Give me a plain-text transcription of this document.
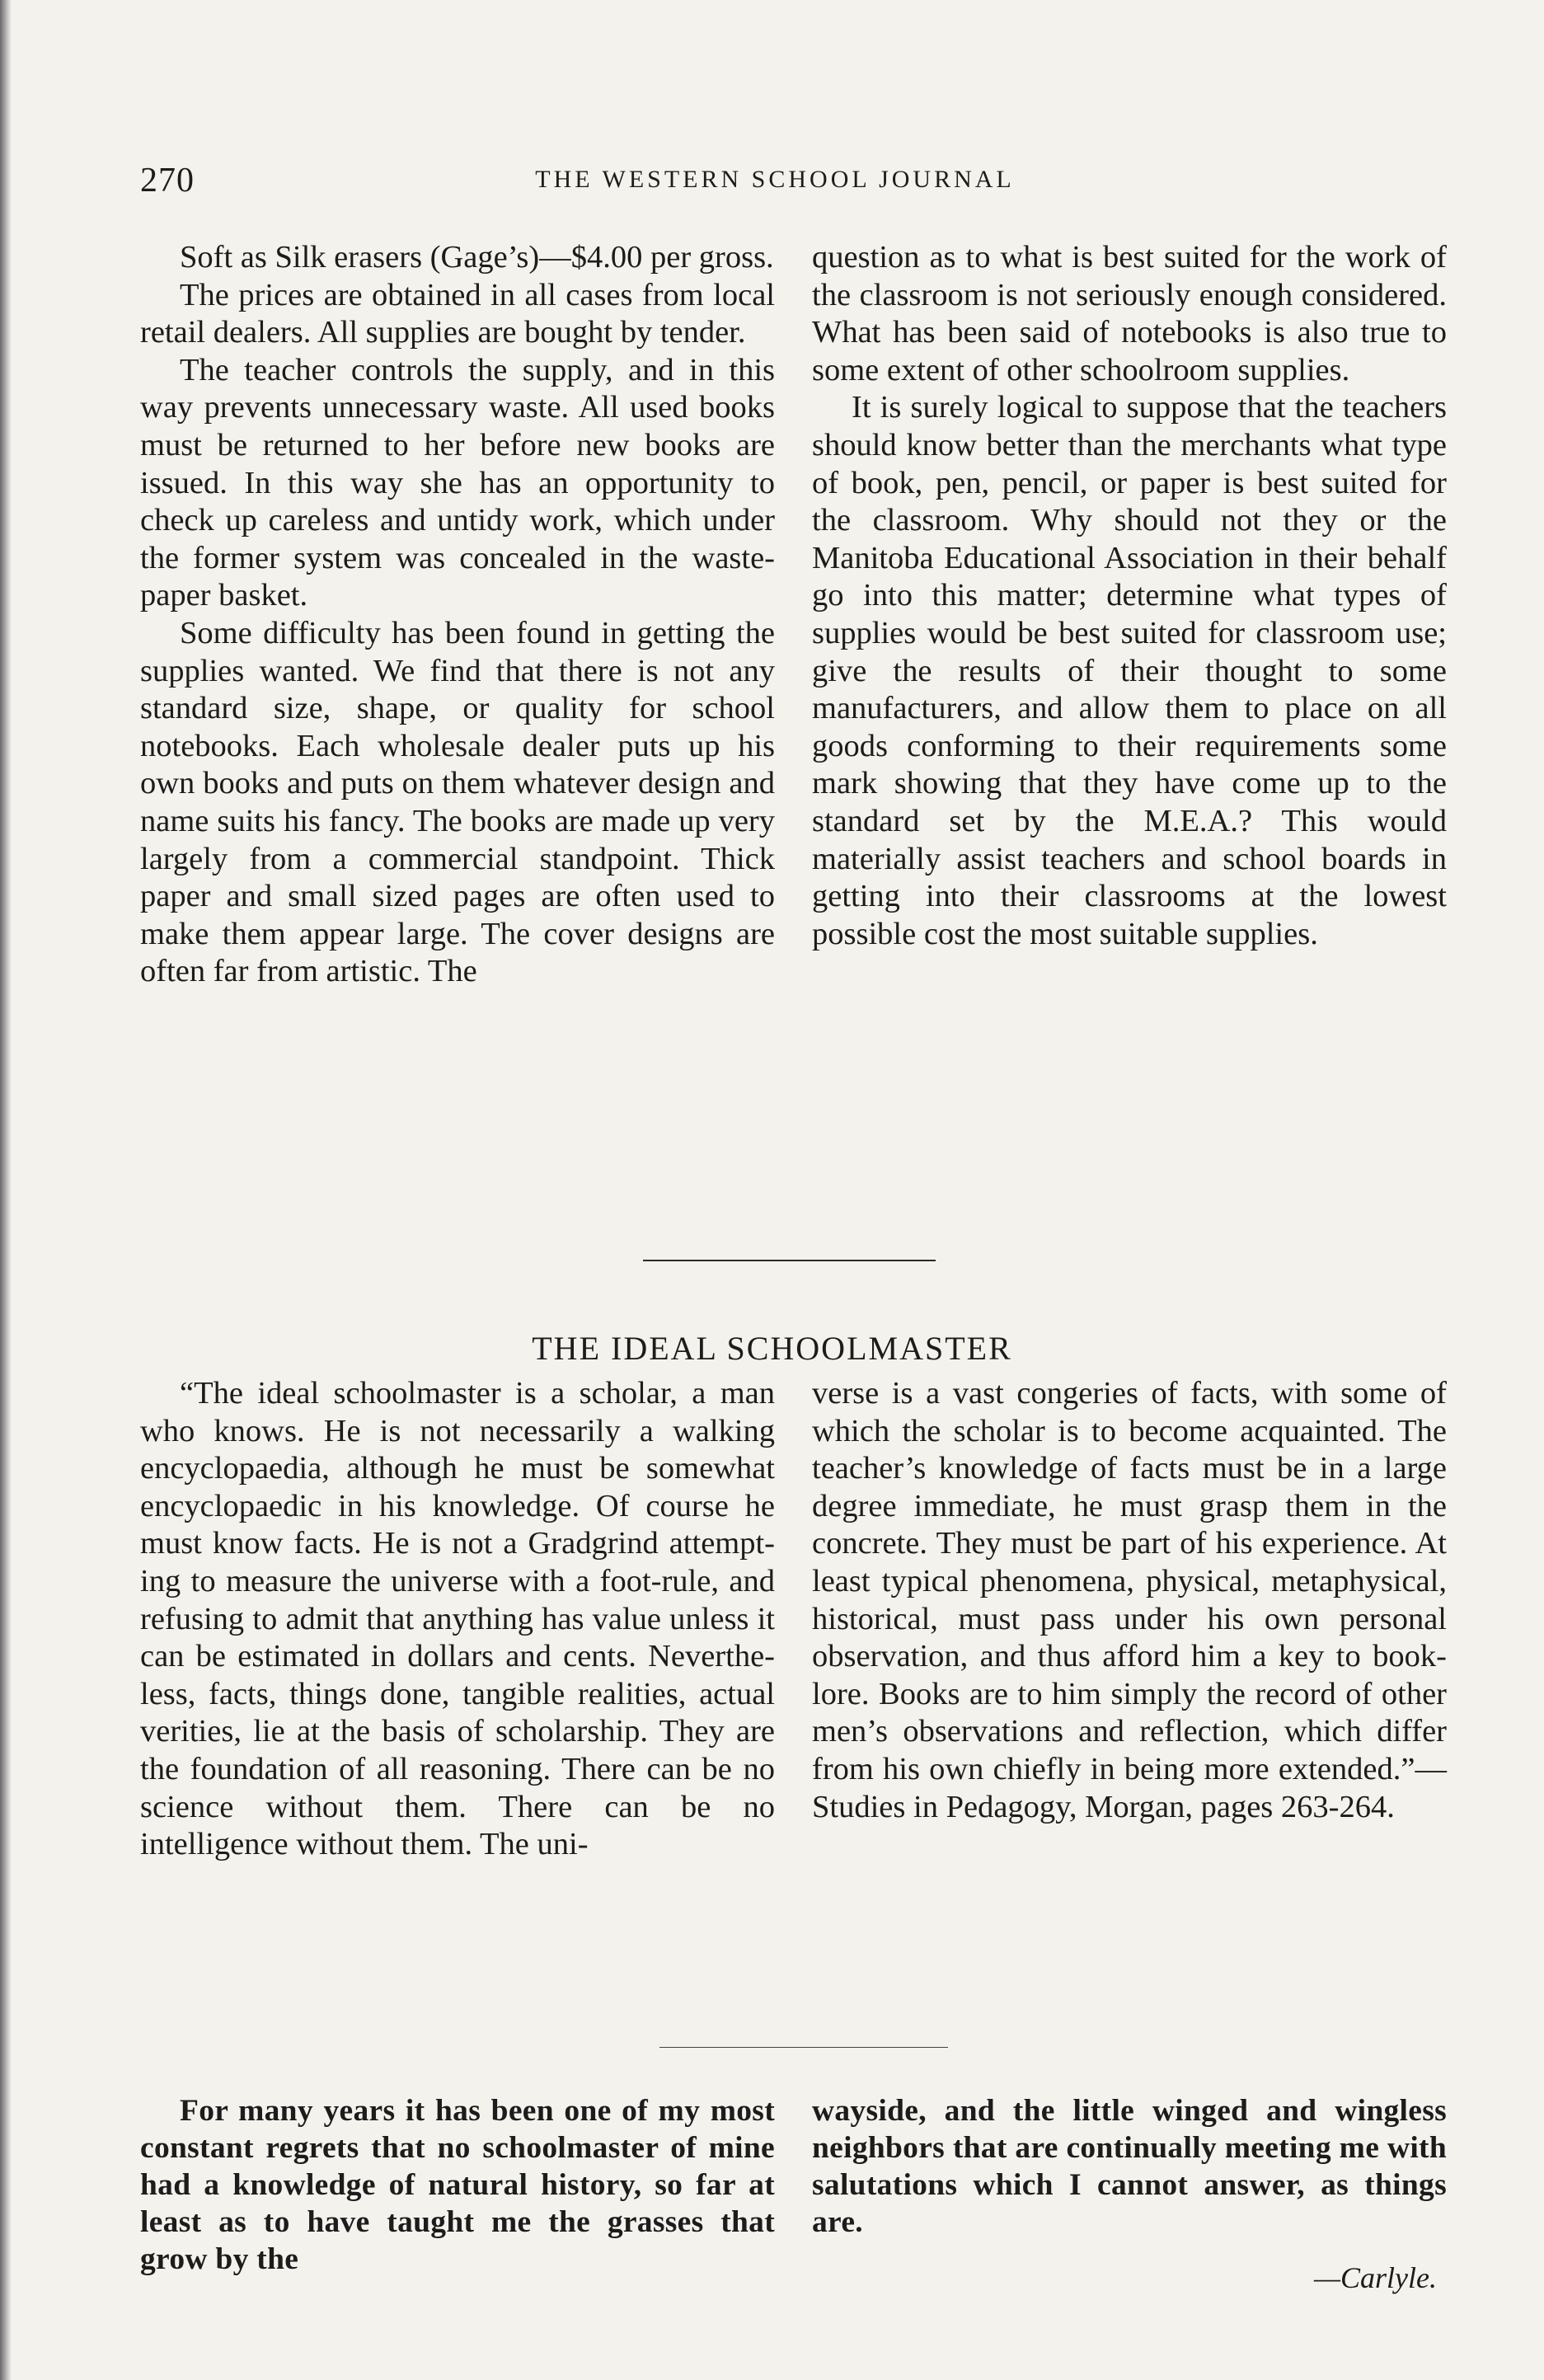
270	THE WESTERN SCHOOL JOURNAL

Soft as Silk erasers (Gage’s)—$4.00 per gross.

The prices are obtained in all cases from local retail dealers. All supplies are bought by tender.

The teacher controls the supply, and in this way prevents unnecessary waste. All used books must be returned to her before new books are issued. In this way she has an opportunity to check up careless and untidy work, which under the former system was concealed in the waste-paper basket.

Some difficulty has been found in getting the supplies wanted. We find that there is not any standard size, shape, or quality for school notebooks. Each wholesale dealer puts up his own books and puts on them whatever design and name suits his fancy. The books are made up very largely from a commercial standpoint. Thick paper and small sized pages are often used to make them appear large. The cover designs are often far from artistic. The

question as to what is best suited for the work of the classroom is not seriously enough considered. What has been said of notebooks is also true to some extent of other schoolroom supplies.

It is surely logical to suppose that the teachers should know better than the merchants what type of book, pen, pencil, or paper is best suited for the classroom. Why should not they or the Manitoba Educational Association in their behalf go into this matter; determine what types of supplies would be best suited for classroom use; give the results of their thought to some manufacturers, and allow them to place on all goods conforming to their requirements some mark showing that they have come up to the standard set by the M.E.A.? This would materially assist teachers and school boards in getting into their classrooms at the lowest possible cost the most suitable supplies.

THE IDEAL SCHOOLMASTER

“The ideal schoolmaster is a scholar, a man who knows. He is not necessarily a walking encyclopaedia, although he must be somewhat encyclopaedic in his knowledge. Of course he must know facts. He is not a Gradgrind attempting to measure the universe with a foot-rule, and refusing to admit that anything has value unless it can be estimated in dollars and cents. Nevertheless, facts, things done, tangible realities, actual verities, lie at the basis of scholarship. They are the foundation of all reasoning. There can be no science without them. There can be no intelligence without them. The uni-

verse is a vast congeries of facts, with some of which the scholar is to become acquainted. The teacher’s knowledge of facts must be in a large degree immediate, he must grasp them in the concrete. They must be part of his experience. At least typical phenomena, physical, metaphysical, historical, must pass under his own personal observation, and thus afford him a key to book-lore. Books are to him simply the record of other men’s observations and reflection, which differ from his own chiefly in being more extended.”— Studies in Pedagogy, Morgan, pages 263-264.

For many years it has been one of my most constant regrets that no schoolmaster of mine had a knowledge of natural history, so far at least as to have taught me the grasses that grow by the

wayside, and the little winged and wingless neighbors that are continually meeting me with salutations which I cannot answer, as things are.

—Carlyle.
